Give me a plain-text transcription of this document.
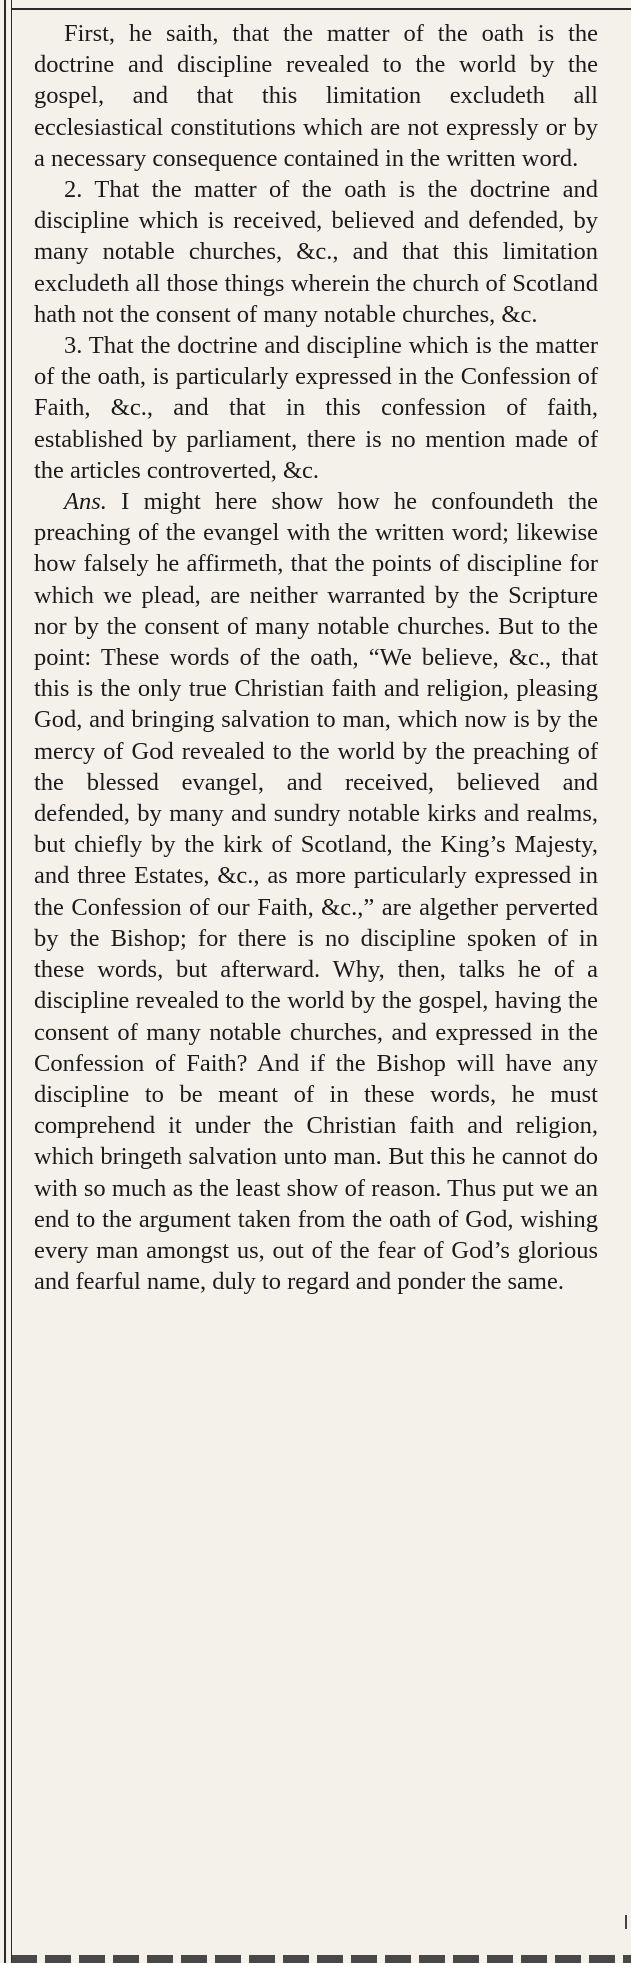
First, he saith, that the matter of the oath is the doctrine and discipline revealed to the world by the gospel, and that this limitation excludeth all ecclesiastical constitutions which are not expressly or by a necessary consequence contained in the written word.

2. That the matter of the oath is the doctrine and discipline which is received, believed and defended, by many notable churches, &c., and that this limitation excludeth all those things wherein the church of Scotland hath not the consent of many notable churches, &c.

3. That the doctrine and discipline which is the matter of the oath, is particularly expressed in the Confession of Faith, &c., and that in this confession of faith, established by parliament, there is no mention made of the articles controverted, &c.

Ans. I might here show how he confoundeth the preaching of the evangel with the written word; likewise how falsely he affirmeth, that the points of discipline for which we plead, are neither warranted by the Scripture nor by the consent of many notable churches. But to the point: These words of the oath, “We believe, &c., that this is the only true Christian faith and religion, pleasing God, and bringing salvation to man, which now is by the mercy of God revealed to the world by the preaching of the blessed evangel, and received, believed and defended, by many and sundry notable kirks and realms, but chiefly by the kirk of Scotland, the King’s Majesty, and three Estates, &c., as more particularly expressed in the Confession of our Faith, &c.,” are algether perverted by the Bishop; for there is no discipline spoken of in these words, but afterward. Why, then, talks he of a discipline revealed to the world by the gospel, having the consent of many notable churches, and expressed in the Confession of Faith? And if the Bishop will have any discipline to be meant of in these words, he must comprehend it under the Christian faith and religion, which bringeth salvation unto man. But this he cannot do with so much as the least show of reason. Thus put we an end to the argument taken from the oath of God, wishing every man amongst us, out of the fear of God’s glorious and fearful name, duly to regard and ponder the same.
